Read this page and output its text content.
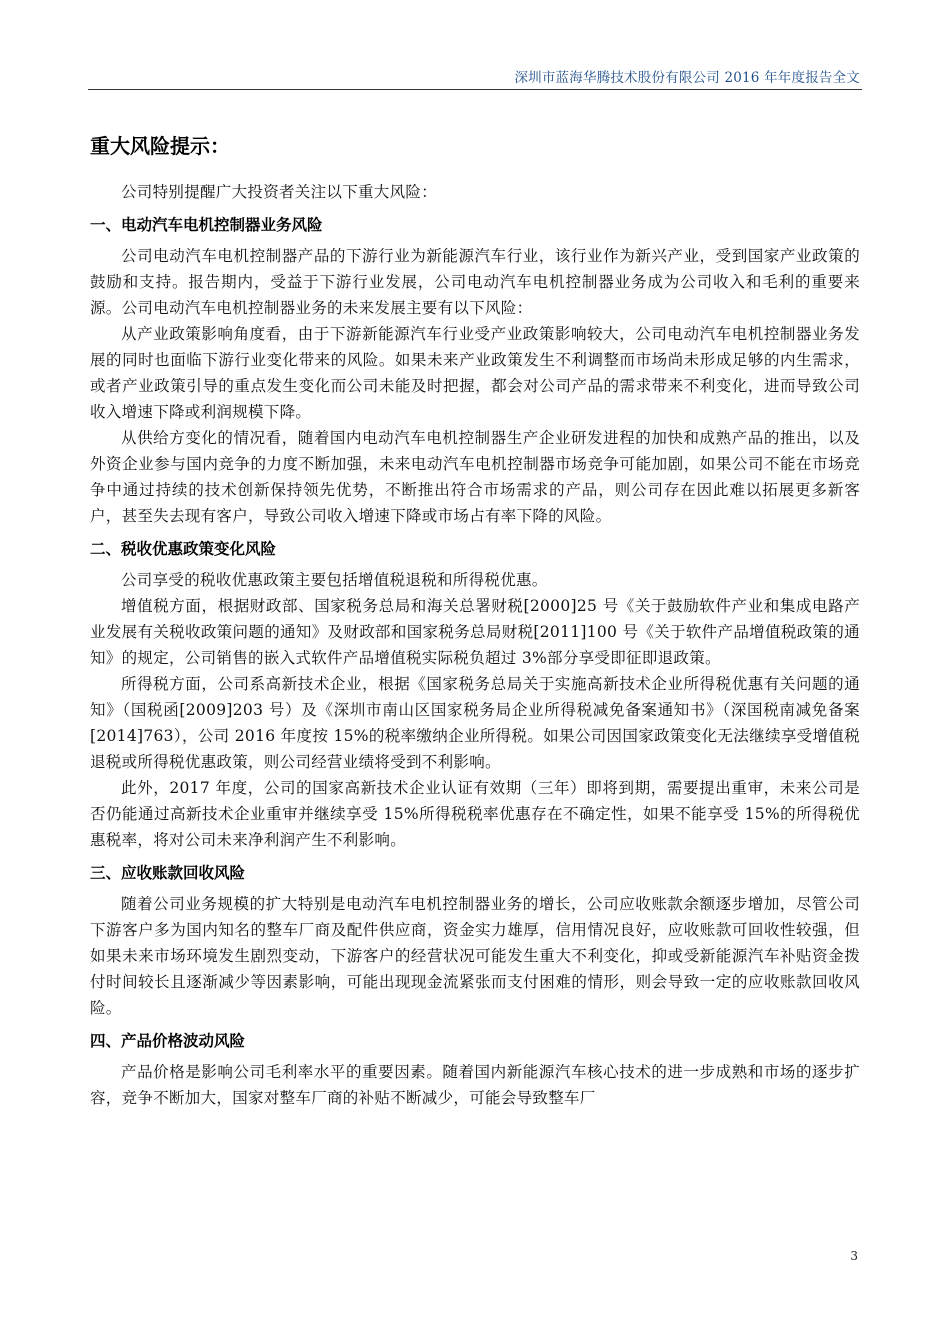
深圳市蓝海华腾技术股份有限公司 2016 年年度报告全文
重大风险提示：

公司特别提醒广大投资者关注以下重大风险：

一、电动汽车电机控制器业务风险

公司电动汽车电机控制器产品的下游行业为新能源汽车行业，该行业作为新兴产业，受到国家产业政策的鼓励和支持。报告期内，受益于下游行业发展，公司电动汽车电机控制器业务成为公司收入和毛利的重要来源。公司电动汽车电机控制器业务的未来发展主要有以下风险：

从产业政策影响角度看，由于下游新能源汽车行业受产业政策影响较大，公司电动汽车电机控制器业务发展的同时也面临下游行业变化带来的风险。如果未来产业政策发生不利调整而市场尚未形成足够的内生需求，或者产业政策引导的重点发生变化而公司未能及时把握，都会对公司产品的需求带来不利变化，进而导致公司收入增速下降或利润规模下降。

从供给方变化的情况看，随着国内电动汽车电机控制器生产企业研发进程的加快和成熟产品的推出，以及外资企业参与国内竞争的力度不断加强，未来电动汽车电机控制器市场竞争可能加剧，如果公司不能在市场竞争中通过持续的技术创新保持领先优势，不断推出符合市场需求的产品，则公司存在因此难以拓展更多新客户，甚至失去现有客户，导致公司收入增速下降或市场占有率下降的风险。

二、税收优惠政策变化风险

公司享受的税收优惠政策主要包括增值税退税和所得税优惠。

增值税方面，根据财政部、国家税务总局和海关总署财税[2000]25 号《关于鼓励软件产业和集成电路产业发展有关税收政策问题的通知》及财政部和国家税务总局财税[2011]100 号《关于软件产品增值税政策的通知》的规定，公司销售的嵌入式软件产品增值税实际税负超过 3%部分享受即征即退政策。

所得税方面，公司系高新技术企业，根据《国家税务总局关于实施高新技术企业所得税优惠有关问题的通知》（国税函[2009]203 号）及《深圳市南山区国家税务局企业所得税减免备案通知书》（深国税南减免备案[2014]763），公司 2016 年度按 15%的税率缴纳企业所得税。如果公司因国家政策变化无法继续享受增值税退税或所得税优惠政策，则公司经营业绩将受到不利影响。

此外，2017 年度，公司的国家高新技术企业认证有效期（三年）即将到期，需要提出重审，未来公司是否仍能通过高新技术企业重审并继续享受 15%所得税税率优惠存在不确定性，如果不能享受 15%的所得税优惠税率，将对公司未来净利润产生不利影响。

三、应收账款回收风险

随着公司业务规模的扩大特别是电动汽车电机控制器业务的增长，公司应收账款余额逐步增加，尽管公司下游客户多为国内知名的整车厂商及配件供应商，资金实力雄厚，信用情况良好，应收账款可回收性较强，但如果未来市场环境发生剧烈变动，下游客户的经营状况可能发生重大不利变化，抑或受新能源汽车补贴资金拨付时间较长且逐渐减少等因素影响，可能出现现金流紧张而支付困难的情形，则会导致一定的应收账款回收风险。

四、产品价格波动风险

产品价格是影响公司毛利率水平的重要因素。随着国内新能源汽车核心技术的进一步成熟和市场的逐步扩容，竞争不断加大，国家对整车厂商的补贴不断减少，可能会导致整车厂

3
